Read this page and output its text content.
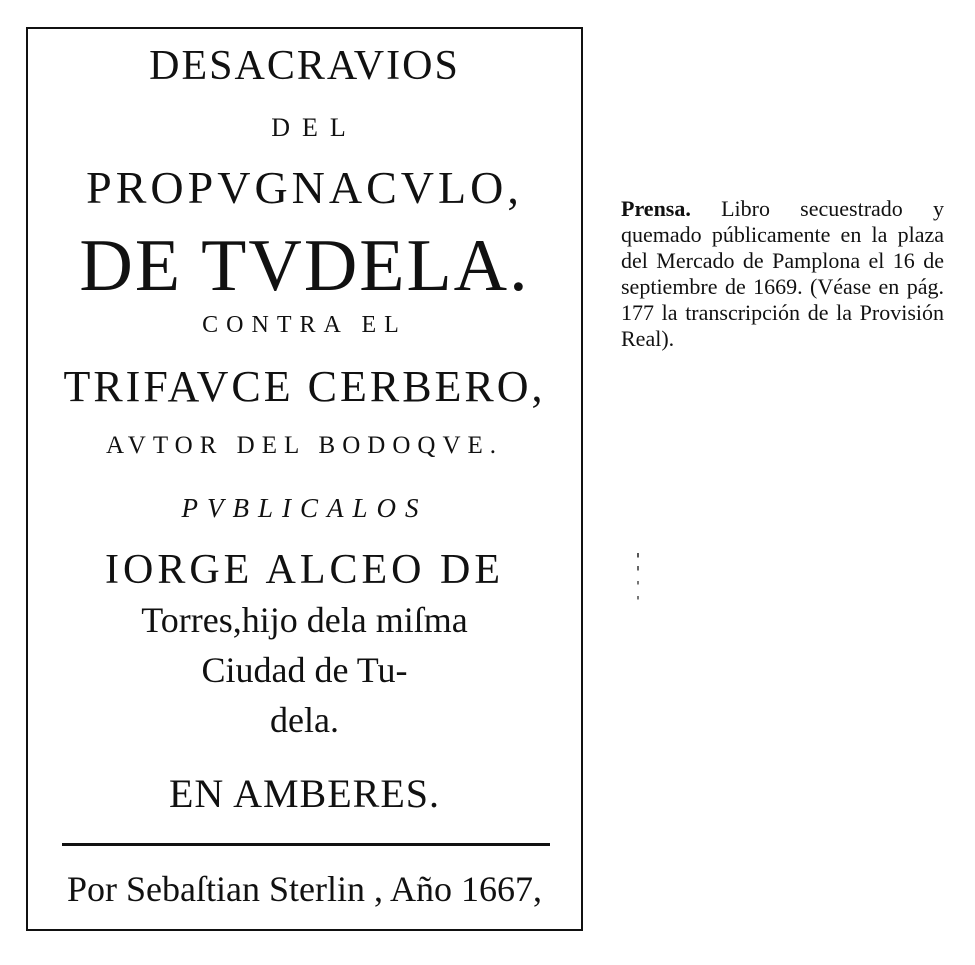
DESACRAVIOS
DEL
PROPVGNACVLO,
DE TVDELA.
CONTRA EL
TRIFAVCE CERBERO,
AVTOR DEL BODOQVE.
PVBLICALOS
IORGE ALCEO DE
Torres,hijo dela miſma
Ciudad de Tu-
dela.
EN AMBERES.
Por Sebaſtian Sterlin , Año 1667,
Prensa. Libro secuestrado y quemado públicamente en la plaza del Mercado de Pamplona el 16 de septiembre de 1669. (Véase en pág. 177 la transcripción de la Provisión Real).
